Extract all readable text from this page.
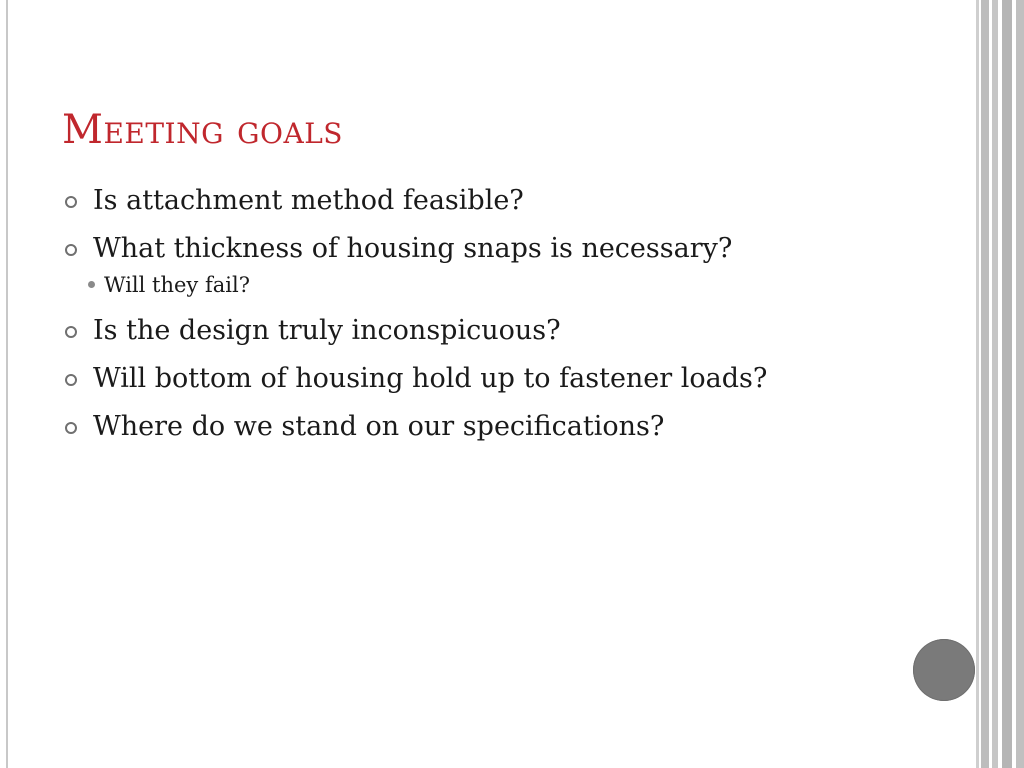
Meeting goals
Is attachment method feasible?
What thickness of housing snaps is necessary?
Will they fail?
Is the design truly inconspicuous?
Will bottom of housing hold up to fastener loads?
Where do we stand on our specifications?
